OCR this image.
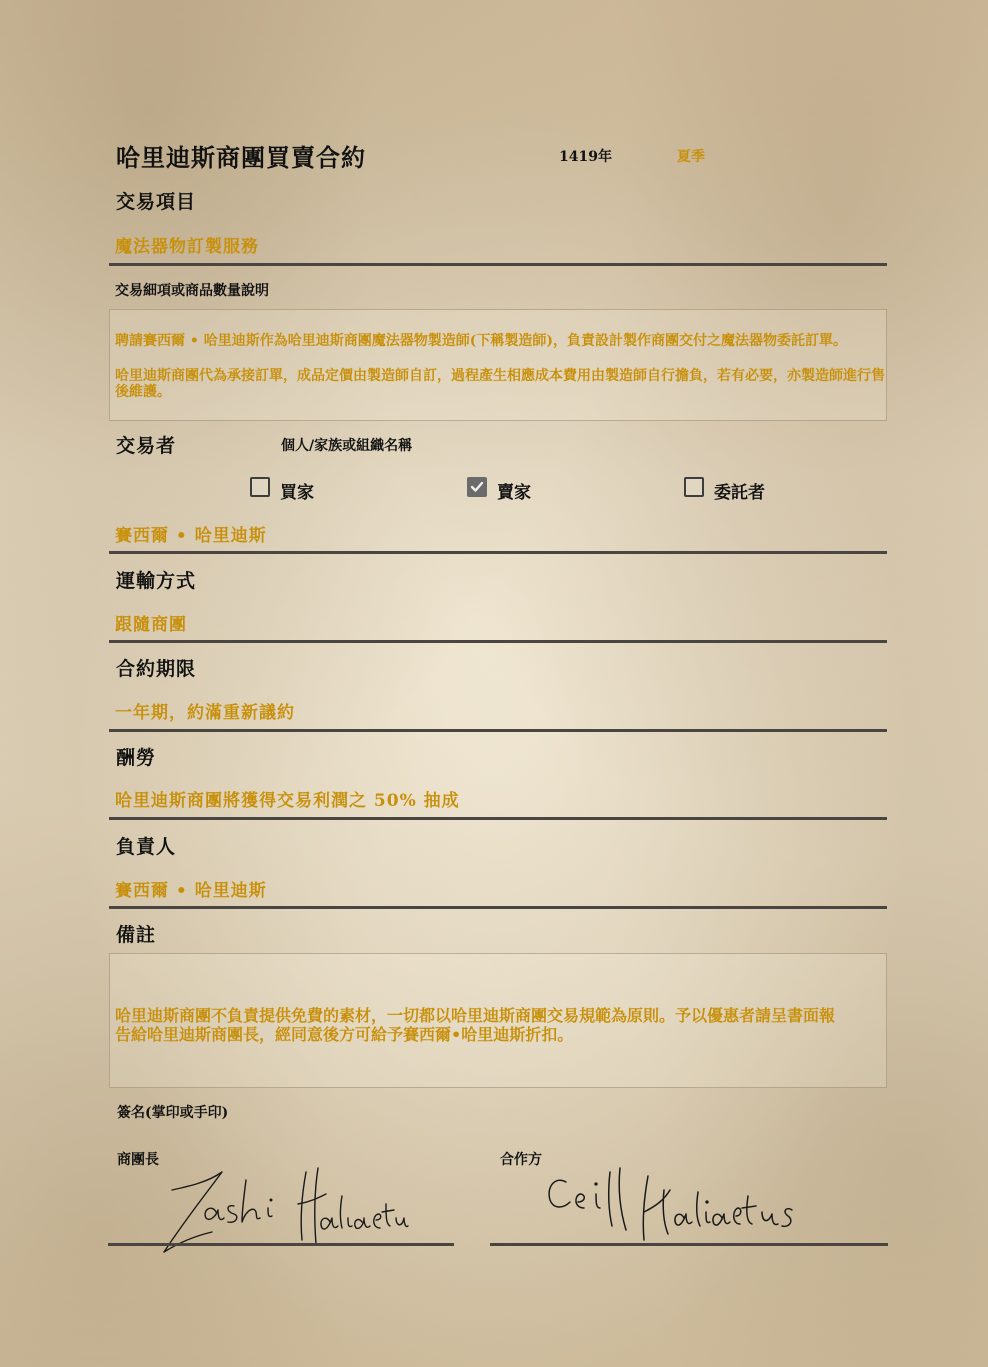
哈里迪斯商團買賣合約	1419年	夏季
交易項目
魔法器物訂製服務
交易細項或商品數量說明
聘請賽西爾 • 哈里迪斯作為哈里迪斯商團魔法器物製造師(下稱製造師)，負責設計製作商團交付之魔法器物委託訂單。
哈里迪斯商團代為承接訂單，成品定價由製造師自訂，過程產生相應成本費用由製造師自行擔負，若有必要，亦製造師進行售後維護。
交易者	個人/家族或組織名稱
買家	賣家	委託者
賽西爾 • 哈里迪斯
運輸方式
跟隨商團
合約期限
一年期，約滿重新議約
酬勞
哈里迪斯商團將獲得交易利潤之 50% 抽成
負責人
賽西爾 • 哈里迪斯
備註
哈里迪斯商團不負責提供免費的素材，一切都以哈里迪斯商團交易規範為原則。予以優惠者請呈書面報告給哈里迪斯商團長，經同意後方可給予賽西爾•哈里迪斯折扣。
簽名(掌印或手印)
商團長	合作方
